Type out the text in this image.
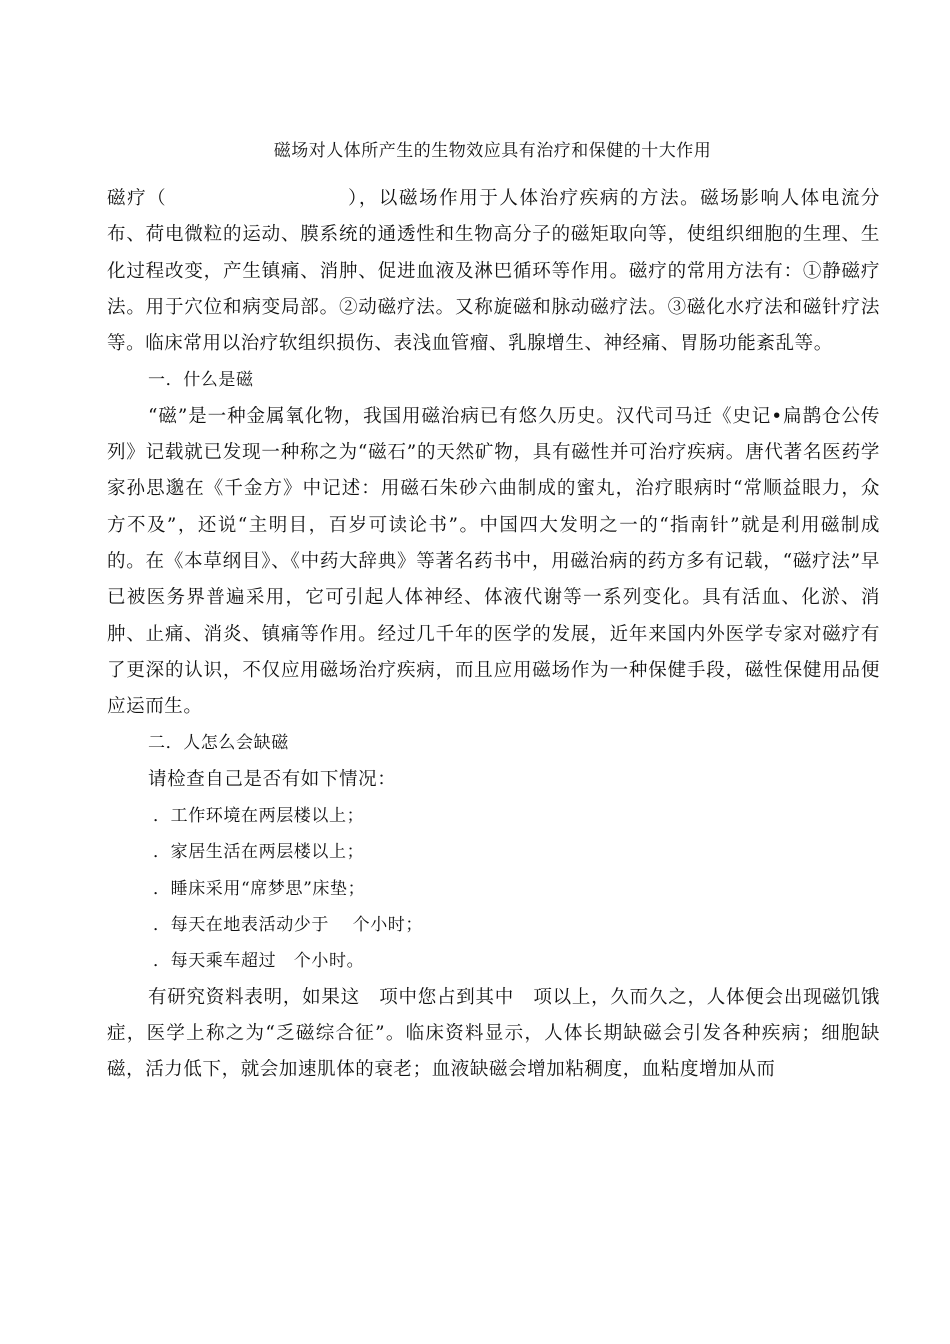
磁场对人体所产生的生物效应具有治疗和保健的十大作用

磁疗（　　　　　　　　　），以磁场作用于人体治疗疾病的方法。磁场影响人体电流分布、荷电微粒的运动、膜系统的通透性和生物高分子的磁矩取向等，使组织细胞的生理、生化过程改变，产生镇痛、消肿、促进血液及淋巴循环等作用。磁疗的常用方法有：①静磁疗法。用于穴位和病变局部。②动磁疗法。又称旋磁和脉动磁疗法。③磁化水疗法和磁针疗法等。临床常用以治疗软组织损伤、表浅血管瘤、乳腺增生、神经痛、胃肠功能紊乱等。

一．什么是磁

“磁”是一种金属氧化物，我国用磁治病已有悠久历史。汉代司马迁《史记•扁鹊仓公传列》记载就已发现一种称之为“磁石”的天然矿物，具有磁性并可治疗疾病。唐代著名医药学家孙思邈在《千金方》中记述：用磁石朱砂六曲制成的蜜丸，治疗眼病时“常顺益眼力，众方不及”，还说“主明目，百岁可读论书”。中国四大发明之一的“指南针”就是利用磁制成的。在《本草纲目》、《中药大辞典》等著名药书中，用磁治病的药方多有记载，“磁疗法”早已被医务界普遍采用，它可引起人体神经、体液代谢等一系列变化。具有活血、化淤、消肿、止痛、消炎、镇痛等作用。经过几千年的医学的发展，近年来国内外医学专家对磁疗有了更深的认识，不仅应用磁场治疗疾病，而且应用磁场作为一种保健手段，磁性保健用品便应运而生。

二．人怎么会缺磁

请检查自己是否有如下情况：

．工作环境在两层楼以上；

．家居生活在两层楼以上；

．睡床采用“席梦思”床垫；

．每天在地表活动少于　 个小时；

．每天乘车超过　个小时。

有研究资料表明，如果这　项中您占到其中　项以上，久而久之，人体便会出现磁饥饿症，医学上称之为“乏磁综合征”。临床资料显示，人体长期缺磁会引发各种疾病；细胞缺磁，活力低下，就会加速肌体的衰老；血液缺磁会增加粘稠度，血粘度增加从而
